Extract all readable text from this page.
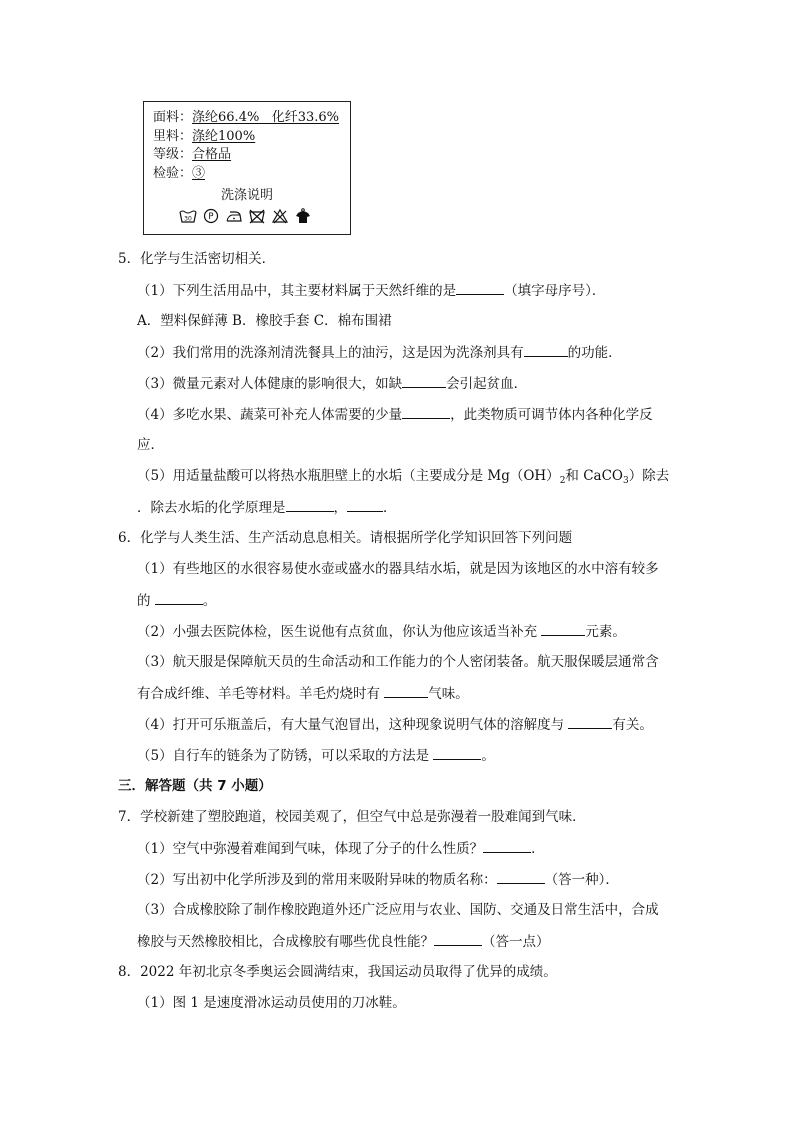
面料：涤纶66.4%   化纤33.6%
里料：涤纶100%
等级：合格品 
检验：③
洗涤说明
30 P
5．化学与生活密切相关．
（1）下列生活用品中，其主要材料属于天然纤维的是	（填字母序号）．
A．塑料保鲜薄 B．橡胶手套 C．棉布围裙
（2）我们常用的洗涤剂清洗餐具上的油污，这是因为洗涤剂具有	的功能．
（3）微量元素对人体健康的影响很大，如缺	会引起贫血．
（4）多吃水果、蔬菜可补充人体需要的少量	，此类物质可调节体内各种化学反
应．
（5）用适量盐酸可以将热水瓶胆壁上的水垢（主要成分是 $Mg(OH)_2$和 CaCO$_3$）除去
．除去水垢的化学原理是	，	．
6．化学与人类生活、生产活动息息相关。请根据所学化学知识回答下列问题
（1）有些地区的水很容易使水壶或盛水的器具结水垢，就是因为该地区的水中溶有较多
的	。
（2）小强去医院体检，医生说他有点贫血，你认为他应该适当补充	元素。
（3）航天服是保障航天员的生命活动和工作能力的个人密闭装备。航天服保暖层通常含
有合成纤维、羊毛等材料。羊毛灼烧时有	气味。
（4）打开可乐瓶盖后，有大量气泡冒出，这种现象说明气体的溶解度与	有关。
（5）自行车的链条为了防锈，可以采取的方法是	。
三．解答题（共 7 小题）
7．学校新建了塑胶跑道，校园美观了，但空气中总是弥漫着一股难闻到气味．
（1）空气中弥漫着难闻到气味，体现了分子的什么性质？	．
（2）写出初中化学所涉及到的常用来吸附异味的物质名称：	（答一种）．
（3）合成橡胶除了制作橡胶跑道外还广泛应用与农业、国防、交通及日常生活中，合成
橡胶与天然橡胶相比，合成橡胶有哪些优良性能？	（答一点）
8．2022 年初北京冬季奥运会圆满结束，我国运动员取得了优异的成绩。
（1）图 1 是速度滑冰运动员使用的刀冰鞋。
